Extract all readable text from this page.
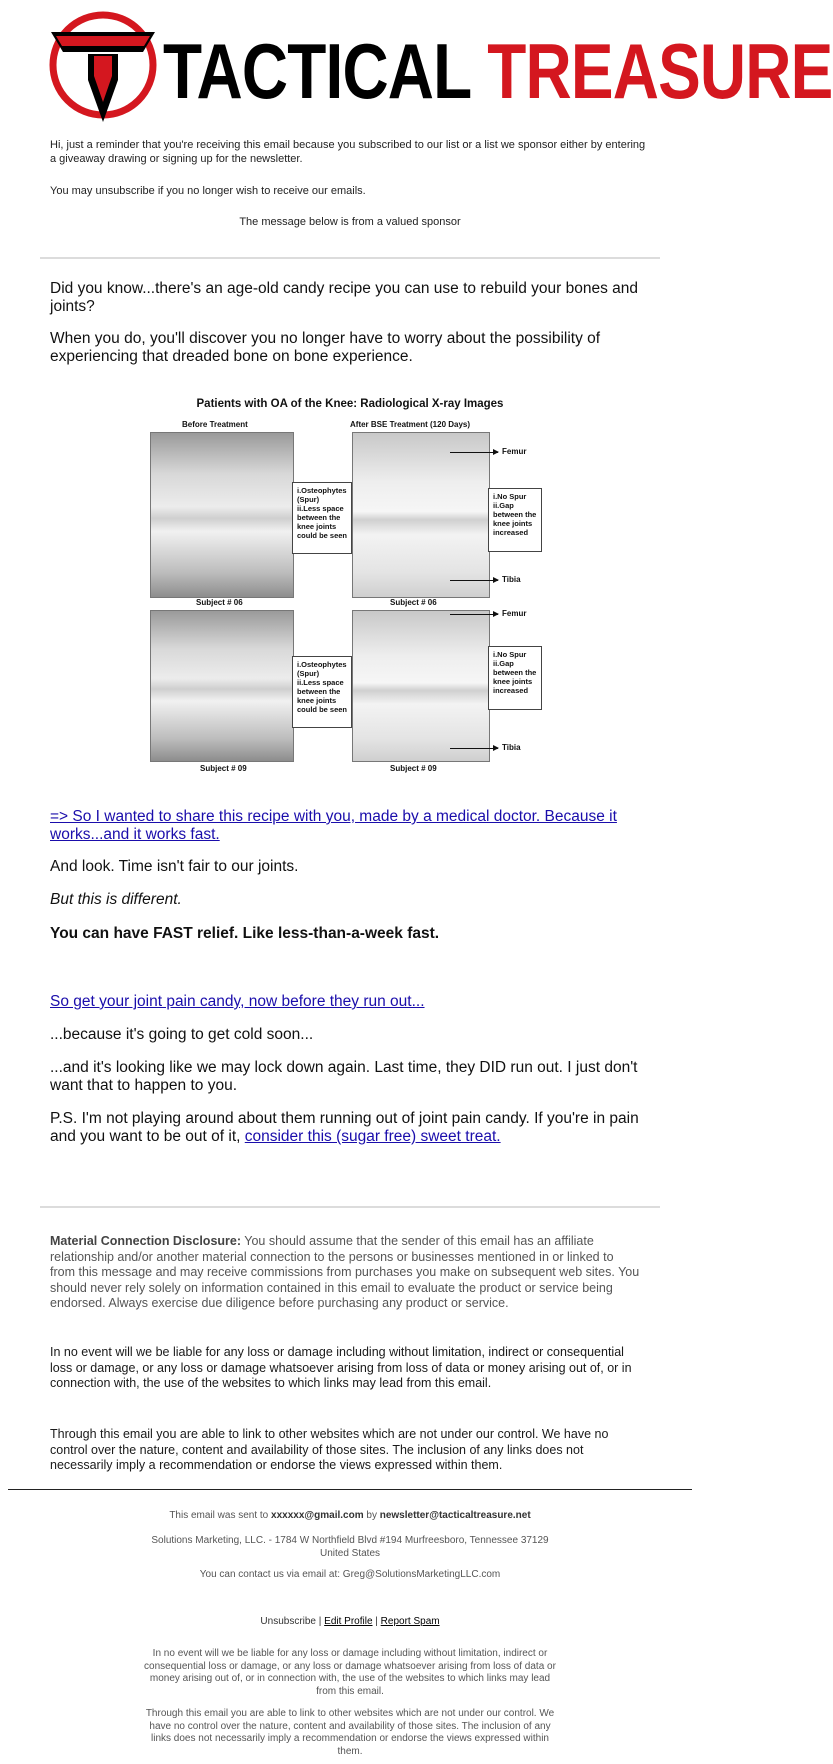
TACTICAL TREASURE
Hi, just a reminder that you're receiving this email because you subscribed to our list or a list we sponsor either by entering a giveaway drawing or signing up for the newsletter.
You may unsubscribe if you no longer wish to receive our emails.
The message below is from a valued sponsor
Did you know...there's an age-old candy recipe you can use to rebuild your bones and joints?
When you do, you'll discover you no longer have to worry about the possibility of experiencing that dreaded bone on bone experience.
Patients with OA of the Knee: Radiological X-ray Images
Before Treatment	After BSE Treatment (120 Days)
i.Osteophytes (Spur)
ii.Less space between the knee joints could be seen
i.No Spur
ii.Gap between the knee joints increased
Femur
Tibia
Subject # 06	Subject # 06
i.Osteophytes (Spur)
ii.Less space between the knee joints could be seen
i.No Spur
ii.Gap between the knee joints increased
Femur
Tibia
Subject # 09	Subject # 09
=> So I wanted to share this recipe with you, made by a medical doctor. Because it works...and it works fast.
And look. Time isn't fair to our joints.
But this is different.
You can have FAST relief. Like less-than-a-week fast.
So get your joint pain candy, now before they run out...
...because it's going to get cold soon...
...and it's looking like we may lock down again. Last time, they DID run out. I just don't want that to happen to you.
P.S. I'm not playing around about them running out of joint pain candy. If you're in pain and you want to be out of it, consider this (sugar free) sweet treat.
Material Connection Disclosure: You should assume that the sender of this email has an affiliate relationship and/or another material connection to the persons or businesses mentioned in or linked to from this message and may receive commissions from purchases you make on subsequent web sites. You should never rely solely on information contained in this email to evaluate the product or service being endorsed. Always exercise due diligence before purchasing any product or service.
In no event will we be liable for any loss or damage including without limitation, indirect or consequential loss or damage, or any loss or damage whatsoever arising from loss of data or money arising out of, or in connection with, the use of the websites to which links may lead from this email.
Through this email you are able to link to other websites which are not under our control. We have no control over the nature, content and availability of those sites. The inclusion of any links does not necessarily imply a recommendation or endorse the views expressed within them.
This email was sent to xxxxxx@gmail.com by newsletter@tacticaltreasure.net
Solutions Marketing, LLC. - 1784 W Northfield Blvd #194 Murfreesboro, Tennessee 37129 United States
You can contact us via email at: Greg@SolutionsMarketingLLC.com
Unsubscribe | Edit Profile | Report Spam
In no event will we be liable for any loss or damage including without limitation, indirect or consequential loss or damage, or any loss or damage whatsoever arising from loss of data or money arising out of, or in connection with, the use of the websites to which links may lead from this email.
Through this email you are able to link to other websites which are not under our control. We have no control over the nature, content and availability of those sites. The inclusion of any links does not necessarily imply a recommendation or endorse the views expressed within them.
